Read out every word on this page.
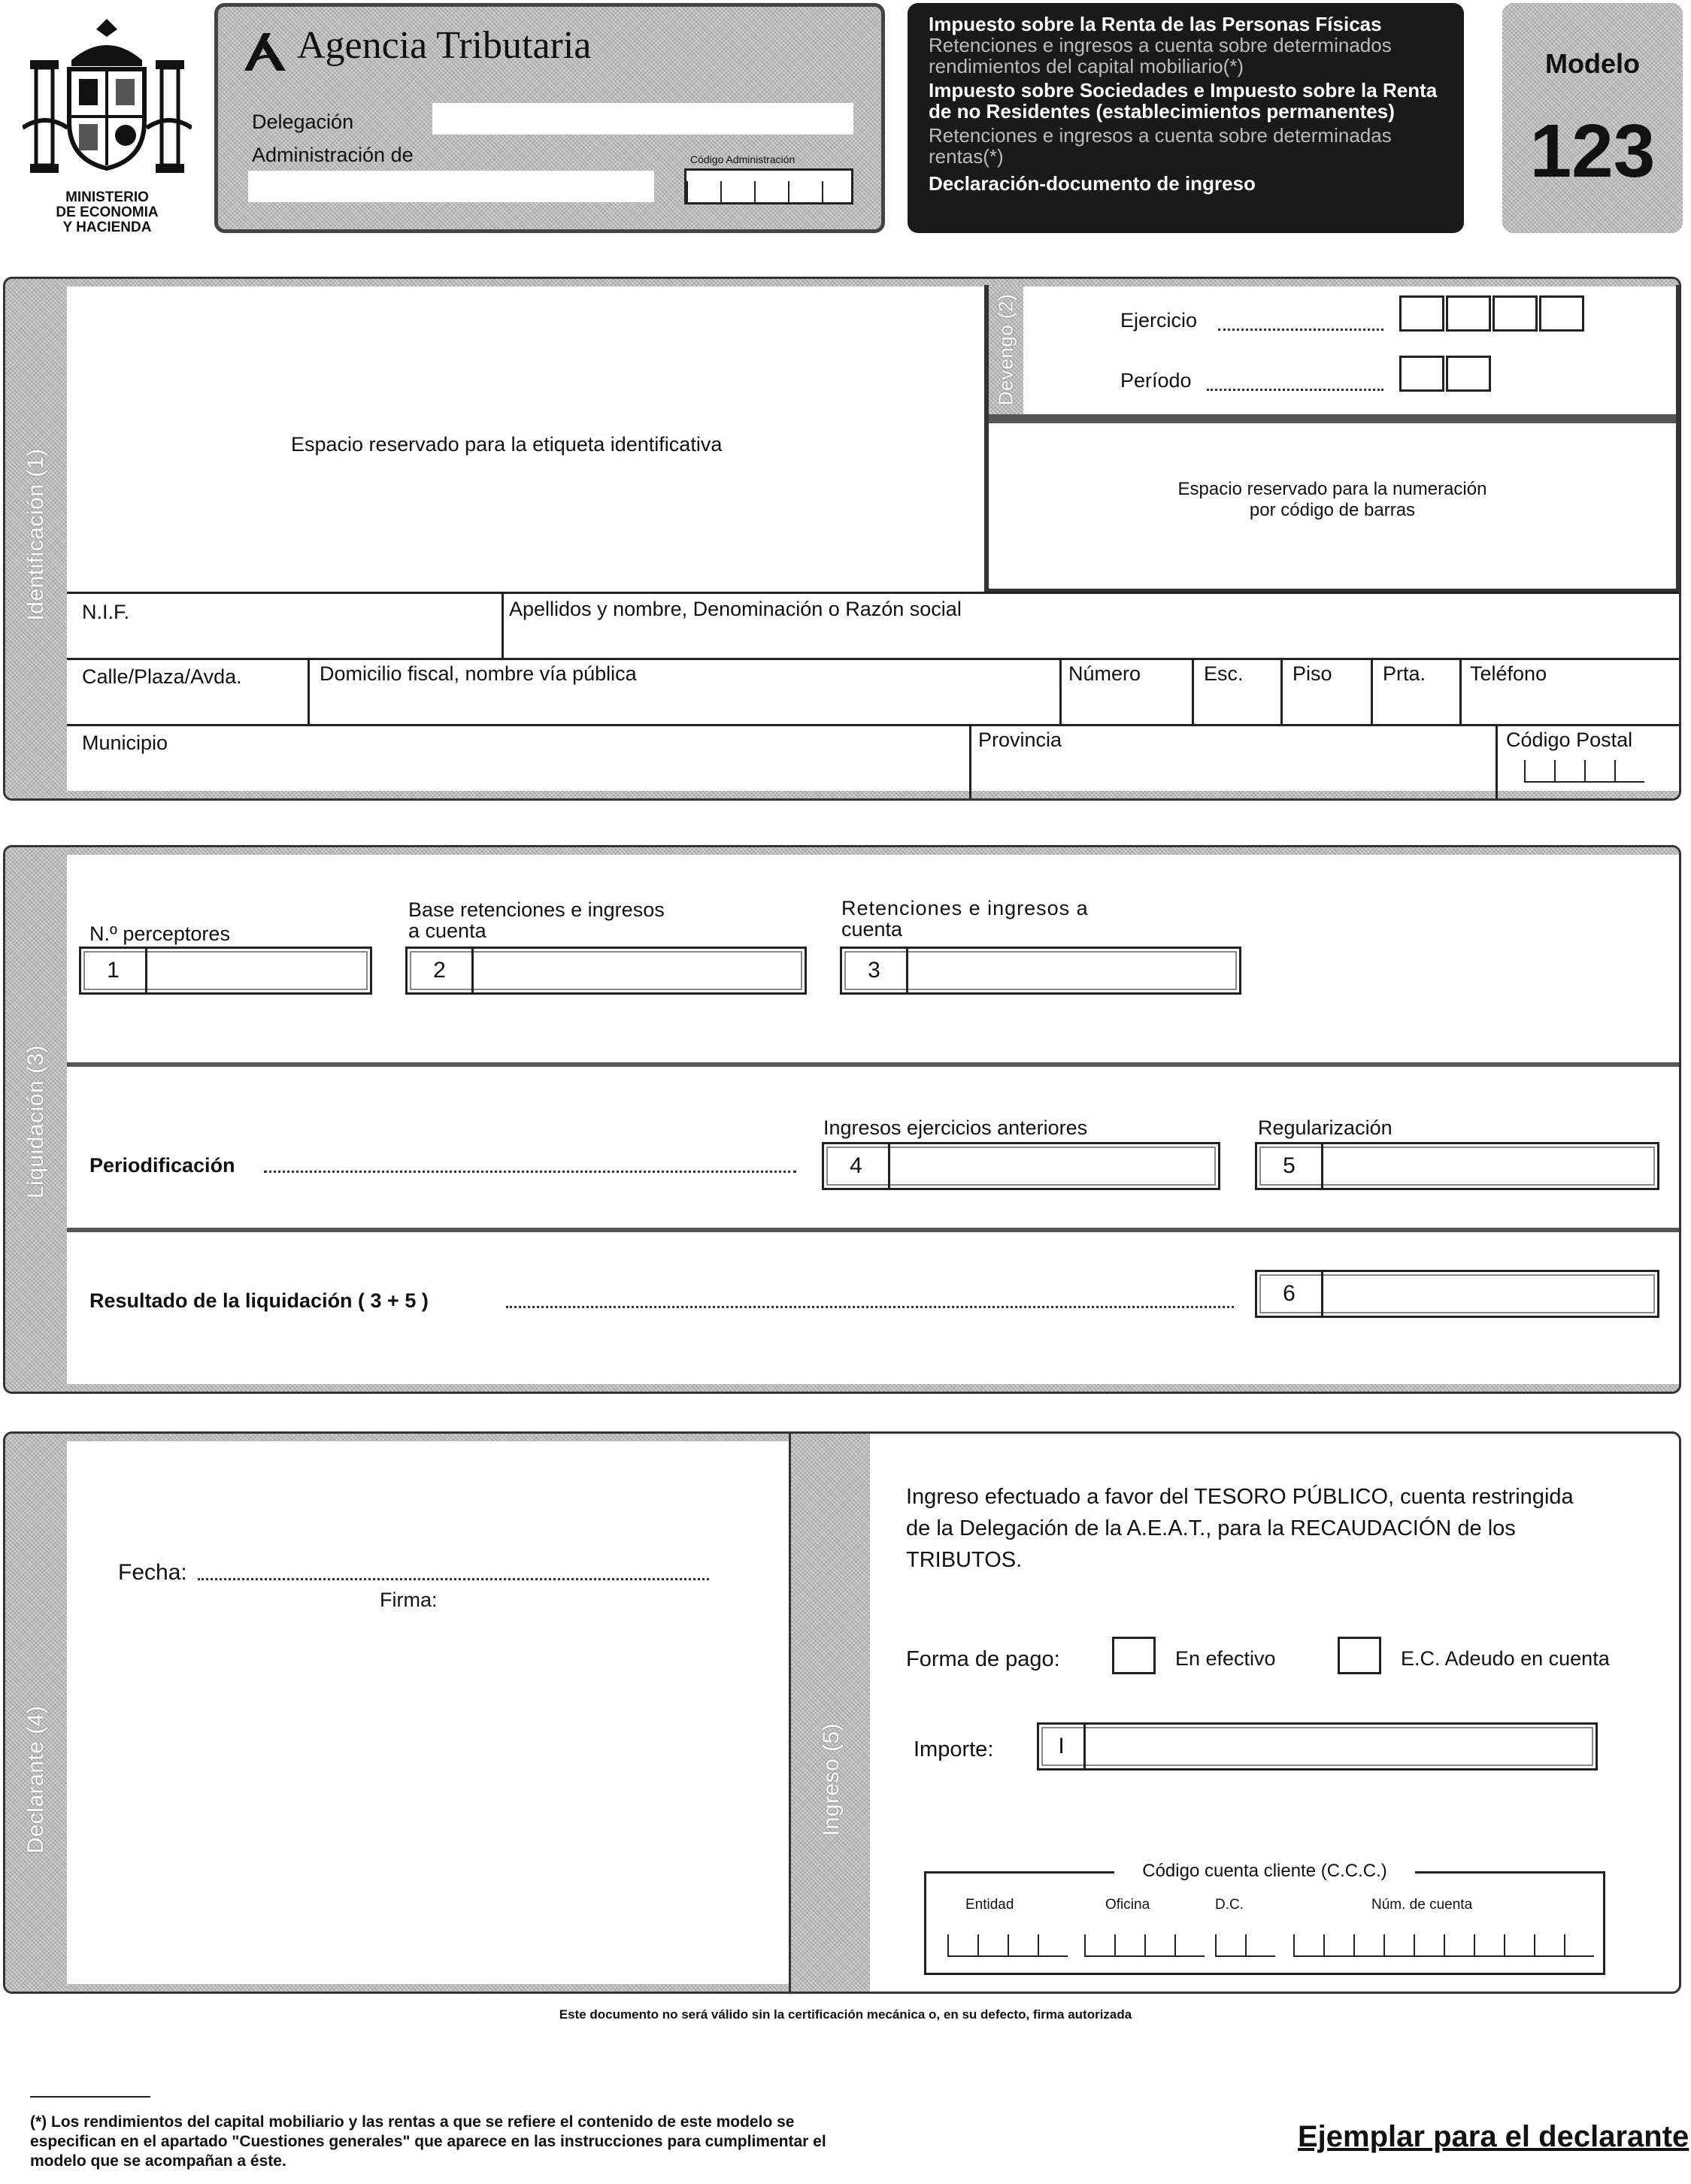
MINISTERIO
DE ECONOMIA
Y HACIENDA
Agencia Tributaria
Delegación
Administración de	Código Administración
Impuesto sobre la Renta de las Personas Físicas
Retenciones e ingresos a cuenta sobre determinados
rendimientos del capital mobiliario(*)
Impuesto sobre Sociedades e Impuesto sobre la Renta
de no Residentes (establecimientos permanentes)
Retenciones e ingresos a cuenta sobre determinadas
rentas(*)
Declaración-documento de ingreso
Modelo
123
Identificación (1)
Espacio reservado para la etiqueta identificativa
Devengo (2)	Ejercicio
Período
Espacio reservado para la numeración
por código de barras
N.I.F.	Apellidos y nombre, Denominación o Razón social
Calle/Plaza/Avda.	Domicilio fiscal, nombre vía pública	Número	Esc. Piso Prta. Teléfono
Municipio	Provincia	Código Postal
Liquidación (3)
N.º perceptores
1
Base retenciones e ingresos
a cuenta
2
Retenciones e ingresos a
cuenta
3
Ingresos ejercicios anteriores	Regularización
Periodificación	4	5
Resultado de la liquidación ( 3 + 5 )	6
Declarante (4)
Fecha:
Firma:
Ingreso (5)
Ingreso efectuado a favor del TESORO PÚBLICO, cuenta restringida
de la Delegación de la A.E.A.T., para la RECAUDACIÓN de los
TRIBUTOS.
Forma de pago:	En efectivo	E.C. Adeudo en cuenta
Importe:	I
Código cuenta cliente (C.C.C.)
Entidad	Oficina	D.C.	Núm. de cuenta
Este documento no será válido sin la certificación mecánica o, en su defecto, firma autorizada
(*) Los rendimientos del capital mobiliario y las rentas a que se refiere el contenido de este modelo se
especifican en el apartado "Cuestiones generales" que aparece en las instrucciones para cumplimentar el
modelo que se acompañan a éste.
Ejemplar para el declarante
